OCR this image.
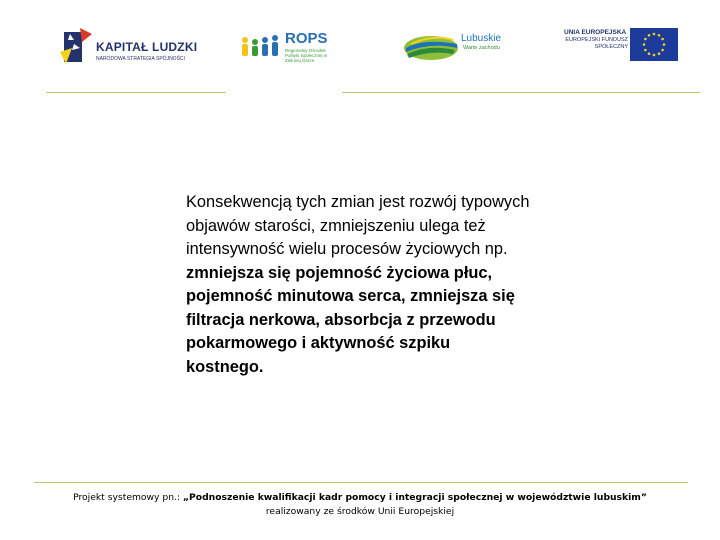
KAPITAŁ LUDZKI
NARODOWA STRATEGIA SPÓJNOŚCI
ROPS
Regionalny Ośrodek Polityki Społecznej w Zielonej Górze
Lubuskie
Warte zachodu
UNIA EUROPEJSKA
EUROPEJSKI FUNDUSZ SPOŁECZNY

Konsekwencją tych zmian jest rozwój typowych objawów starości, zmniejszeniu ulega też intensywność wielu procesów życiowych np. zmniejsza się pojemność życiowa płuc, pojemność minutowa serca, zmniejsza się filtracja nerkowa, absorbcja z przewodu pokarmowego i aktywność szpiku kostnego.

Projekt systemowy pn.: „Podnoszenie kwalifikacji kadr pomocy i integracji społecznej w województwie lubuskim”
realizowany ze środków Unii Europejskiej
